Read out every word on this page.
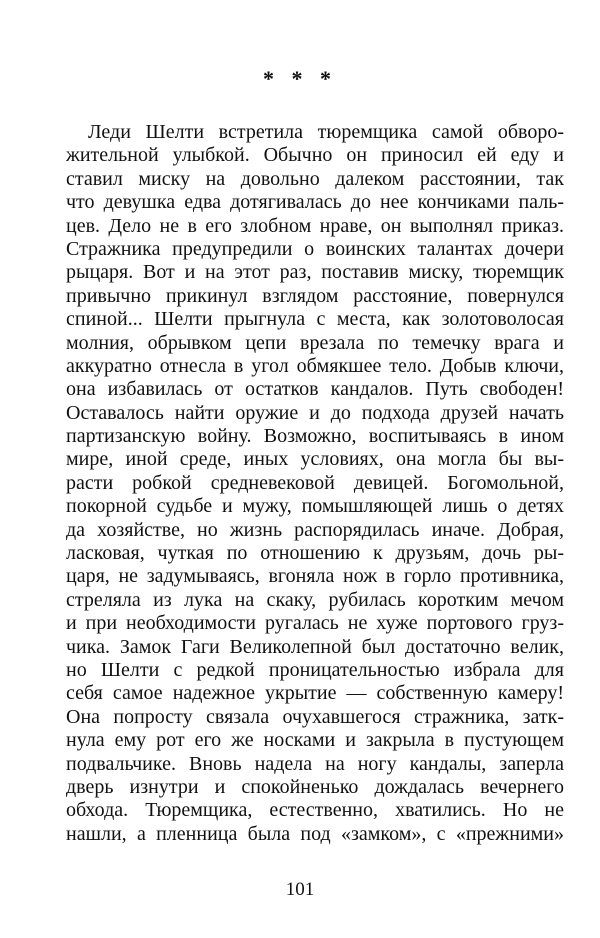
* * *
Леди Шелти встретила тюремщика самой обворо-
жительной улыбкой. Обычно он приносил ей еду и
ставил миску на довольно далеком расстоянии, так
что девушка едва дотягивалась до нее кончиками паль-
цев. Дело не в его злобном нраве, он выполнял приказ.
Стражника предупредили о воинских талантах дочери
рыцаря. Вот и на этот раз, поставив миску, тюремщик
привычно прикинул взглядом расстояние, повернулся
спиной... Шелти прыгнула с места, как золотоволосая
молния, обрывком цепи врезала по темечку врага и
аккуратно отнесла в угол обмякшее тело. Добыв ключи,
она избавилась от остатков кандалов. Путь свободен!
Оставалось найти оружие и до подхода друзей начать
партизанскую войну. Возможно, воспитываясь в ином
мире, иной среде, иных условиях, она могла бы вы-
расти робкой средневековой девицей. Богомольной,
покорной судьбе и мужу, помышляющей лишь о детях
да хозяйстве, но жизнь распорядилась иначе. Добрая,
ласковая, чуткая по отношению к друзьям, дочь ры-
царя, не задумываясь, вгоняла нож в горло противника,
стреляла из лука на скаку, рубилась коротким мечом
и при необходимости ругалась не хуже портового груз-
чика. Замок Гаги Великолепной был достаточно велик,
но Шелти с редкой проницательностью избрала для
себя самое надежное укрытие — собственную камеру!
Она попросту связала очухавшегося стражника, затк-
нула ему рот его же носками и закрыла в пустующем
подвальчике. Вновь надела на ногу кандалы, заперла
дверь изнутри и спокойненько дождалась вечернего
обхода. Тюремщика, естественно, хватились. Но не
нашли, а пленница была под «замком», с «прежними»
101
